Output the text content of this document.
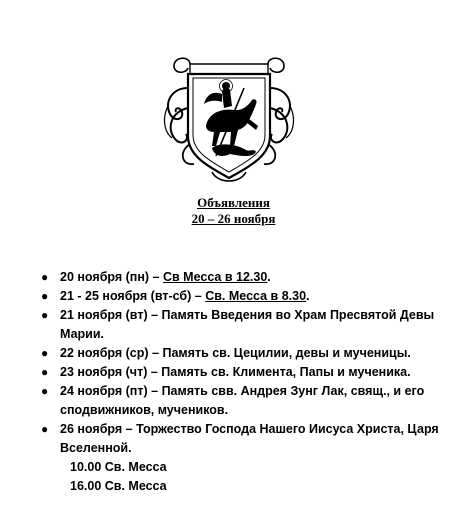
Объявления
20 – 26 ноября
● 20 ноября (пн) – Св Месса в 12.30.
● 21 - 25 ноября (вт-сб) – Св. Месса в 8.30.
● 21 ноября (вт) – Память Введения во Храм Пресвятой Девы Марии.
● 22 ноября (ср) – Память св. Цецилии, девы и мученицы.
● 23 ноября (чт) – Память св. Климента, Папы и мученика.
● 24 ноября (пт) – Память свв. Андрея Зунг Лак, свящ., и его сподвижников, мучеников.
● 26 ноября – Торжество Господа Нашего Иисуса Христа, Царя Вселенной.
10.00 Св. Месса
16.00 Св. Месса
